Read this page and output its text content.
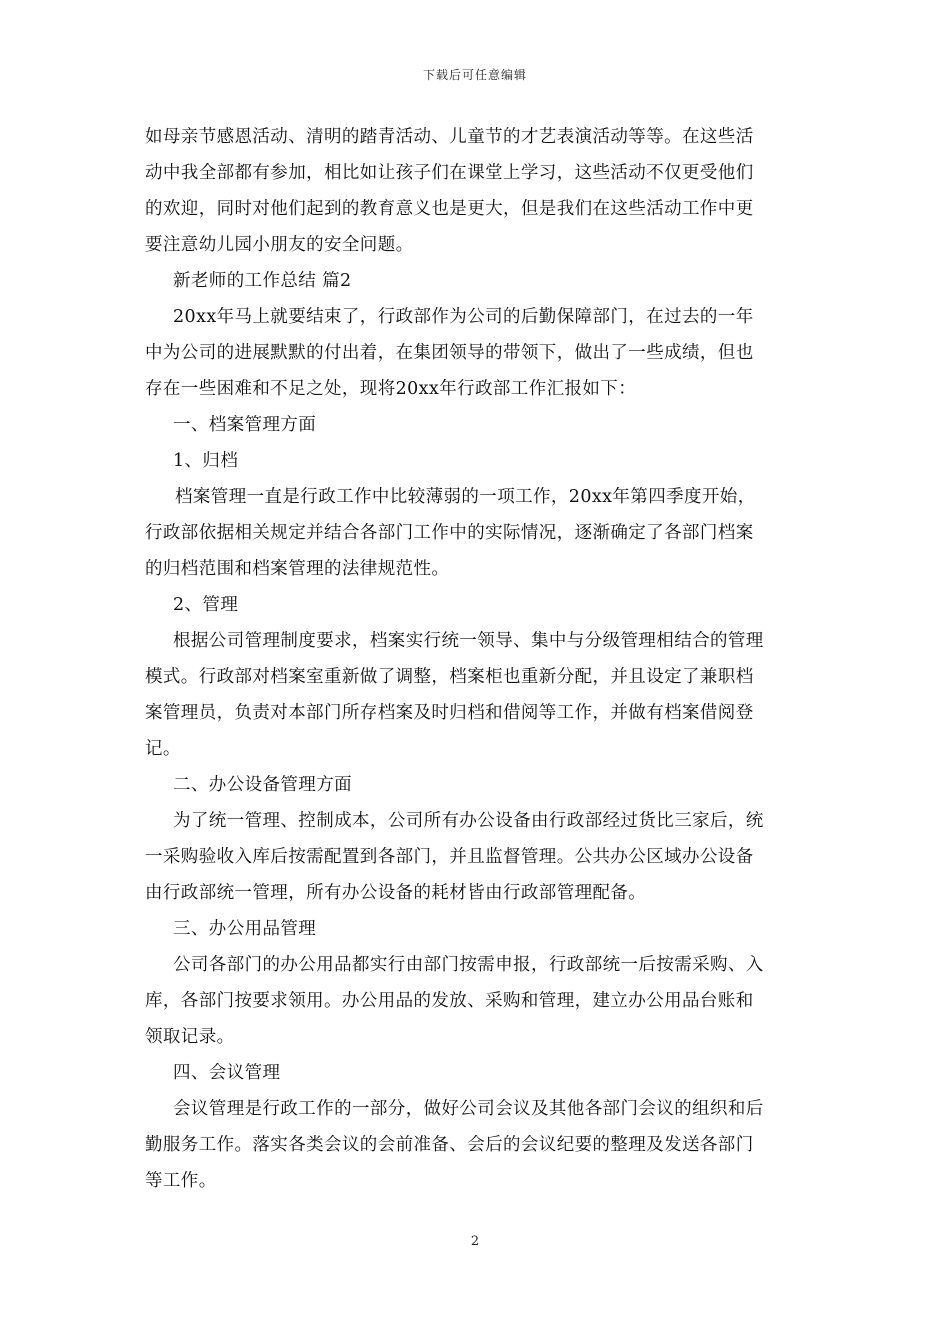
下载后可任意编辑
如母亲节感恩活动、清明的踏青活动、儿童节的才艺表演活动等等。在这些活
动中我全部都有参加，相比如让孩子们在课堂上学习，这些活动不仅更受他们
的欢迎，同时对他们起到的教育意义也是更大，但是我们在这些活动工作中更
要注意幼儿园小朋友的安全问题。
新老师的工作总结 篇2
20xx年马上就要结束了，行政部作为公司的后勤保障部门，在过去的一年
中为公司的进展默默的付出着，在集团领导的带领下，做出了一些成绩，但也
存在一些困难和不足之处，现将20xx年行政部工作汇报如下：
一、档案管理方面
1、归档
档案管理一直是行政工作中比较薄弱的一项工作，20xx年第四季度开始，
行政部依据相关规定并结合各部门工作中的实际情况，逐渐确定了各部门档案
的归档范围和档案管理的法律规范性。
2、管理
根据公司管理制度要求，档案实行统一领导、集中与分级管理相结合的管理
模式。行政部对档案室重新做了调整，档案柜也重新分配，并且设定了兼职档
案管理员，负责对本部门所存档案及时归档和借阅等工作，并做有档案借阅登
记。
二、办公设备管理方面
为了统一管理、控制成本，公司所有办公设备由行政部经过货比三家后，统
一采购验收入库后按需配置到各部门，并且监督管理。公共办公区域办公设备
由行政部统一管理，所有办公设备的耗材皆由行政部管理配备。
三、办公用品管理
公司各部门的办公用品都实行由部门按需申报，行政部统一后按需采购、入
库，各部门按要求领用。办公用品的发放、采购和管理，建立办公用品台账和
领取记录。
四、会议管理
会议管理是行政工作的一部分，做好公司会议及其他各部门会议的组织和后
勤服务工作。落实各类会议的会前准备、会后的会议纪要的整理及发送各部门
等工作。
2
